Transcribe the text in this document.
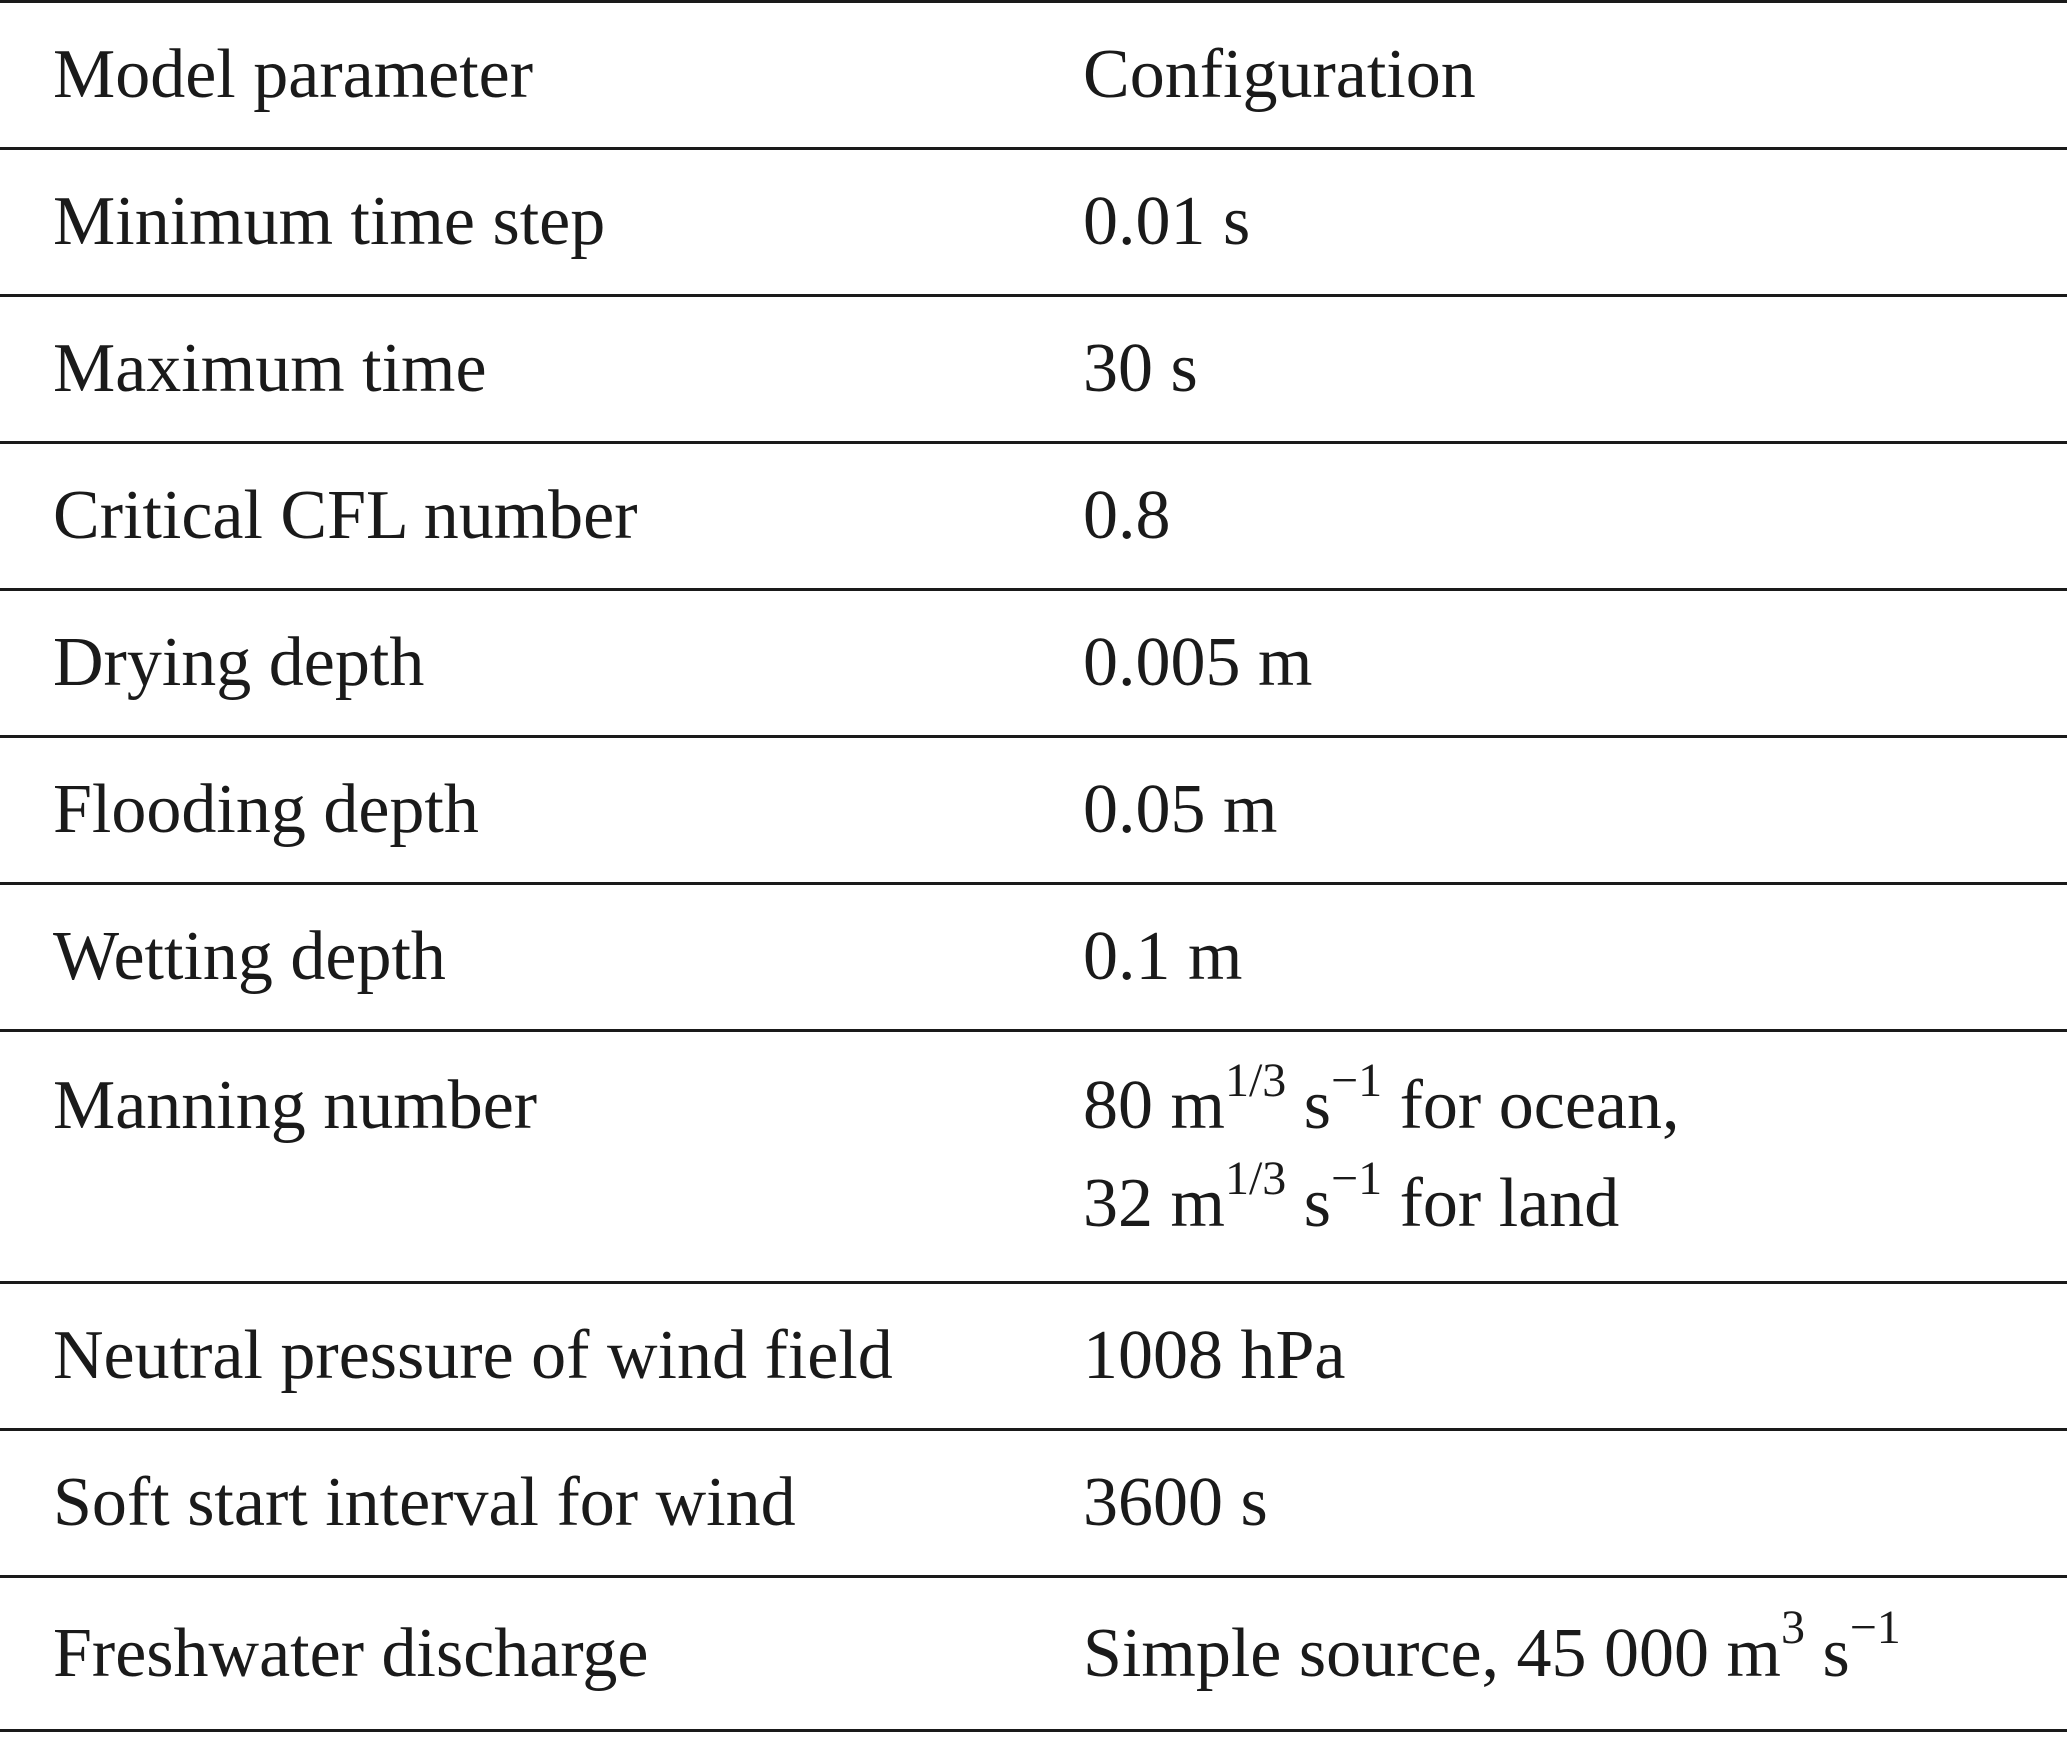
Model parameter	Configuration
Minimum time step	0.01 s
Maximum time	30 s
Critical CFL number	0.8
Drying depth	0.005 m
Flooding depth	0.05 m
Wetting depth	0.1 m
Manning number	80 $m^{1/3}$ $s^{-1}$ for ocean,
32 $m^{1/3}$ $s^{-1}$ for land

Neutral pressure of wind field	1008 hPa
Soft start interval for wind	3600 s
Freshwater discharge	Simple source, 45 000 $m^3$ $s^{-1}$
